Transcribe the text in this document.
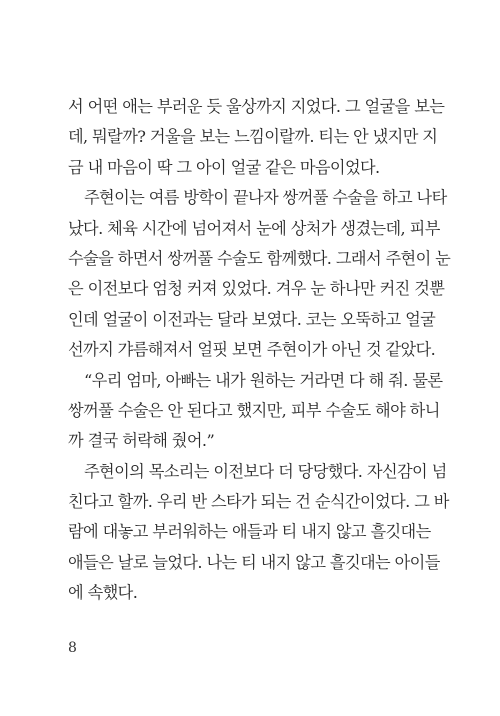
서 어떤 애는 부러운 듯 울상까지 지었다. 그 얼굴을 보는
데, 뭐랄까? 거울을 보는 느낌이랄까. 티는 안 냈지만 지
금 내 마음이 딱 그 아이 얼굴 같은 마음이었다.
주현이는 여름 방학이 끝나자 쌍꺼풀 수술을 하고 나타
났다. 체육 시간에 넘어져서 눈에 상처가 생겼는데, 피부
수술을 하면서 쌍꺼풀 수술도 함께했다. 그래서 주현이 눈
은 이전보다 엄청 커져 있었다. 겨우 눈 하나만 커진 것뿐
인데 얼굴이 이전과는 달라 보였다. 코는 오뚝하고 얼굴
선까지 갸름해져서 얼핏 보면 주현이가 아닌 것 같았다.
“우리 엄마, 아빠는 내가 원하는 거라면 다 해 줘. 물론
쌍꺼풀 수술은 안 된다고 했지만, 피부 수술도 해야 하니
까 결국 허락해 줬어.”
주현이의 목소리는 이전보다 더 당당했다. 자신감이 넘
친다고 할까. 우리 반 스타가 되는 건 순식간이었다. 그 바
람에 대놓고 부러워하는 애들과 티 내지 않고 흘깃대는
애들은 날로 늘었다. 나는 티 내지 않고 흘깃대는 아이들
에 속했다.
8
